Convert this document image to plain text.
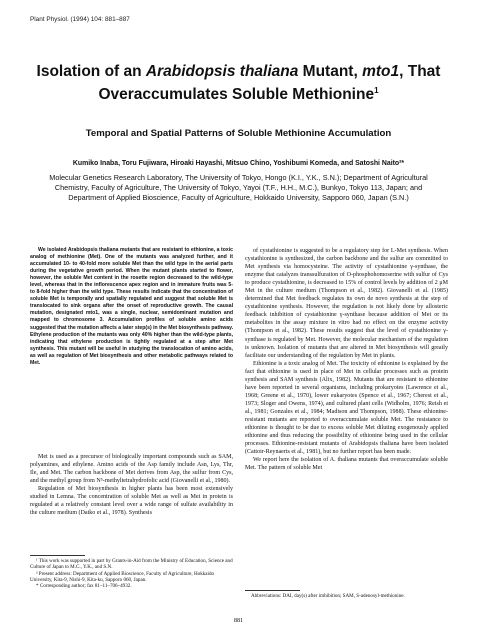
Plant Physiol. (1994) 104: 881–887
Isolation of an Arabidopsis thaliana Mutant, mto1, That Overaccumulates Soluble Methionine$^1$
Temporal and Spatial Patterns of Soluble Methionine Accumulation

Kumiko Inaba, Toru Fujiwara, Hiroaki Hayashi, Mitsuo Chino, Yoshibumi Komeda, and Satoshi Naito²*

Molecular Genetics Research Laboratory, The University of Tokyo, Hongo (K.I., Y.K., S.N.); Department of Agricultural Chemistry, Faculty of Agriculture, The University of Tokyo, Yayoi (T.F., H.H., M.C.), Bunkyo, Tokyo 113, Japan; and Department of Applied Bioscience, Faculty of Agriculture, Hokkaido University, Sapporo 060, Japan (S.N.)

We isolated Arabidopsis thaliana mutants that are resistant to ethionine, a toxic analog of methionine (Met). One of the mutants was analyzed further, and it accumulated 10- to 40-fold more soluble Met than the wild type in the aerial parts during the vegetative growth period. When the mutant plants started to flower, however, the soluble Met content in the rosette region decreased to the wild-type level, whereas that in the inflorescence apex region and in immature fruits was 5- to 8-fold higher than the wild type. These results indicate that the concentration of soluble Met is temporally and spatially regulated and suggest that soluble Met is translocated to sink organs after the onset of reproductive growth. The causal mutation, designated mto1, was a single, nuclear, semidominant mutation and mapped to chromosome 3. Accumulation profiles of soluble amino acids suggested that the mutation affects a later step(s) in the Met biosynthesis pathway. Ethylene production of the mutants was only 40% higher than the wild-type plants, indicating that ethylene production is tightly regulated at a step after Met synthesis. This mutant will be useful in studying the translocation of amino acids, as well as regulation of Met biosynthesis and other metabolic pathways related to Met.

Met is used as a precursor of biologically important compounds such as SAM, polyamines, and ethylene. Amino acids of the Asp family include Asn, Lys, Thr, Ile, and Met. The carbon backbone of Met derives from Asp, the sulfur from Cys, and the methyl group from N⁵-methyltetrahydrofolic acid (Giovanelli et al., 1980).

Regulation of Met biosynthesis in higher plants has been most extensively studied in Lemna. The concentration of soluble Met as well as Met in protein is regulated at a relatively constant level over a wide range of sulfate availability in the culture medium (Datko et al., 1978). Synthesis

¹ This work was supported in part by Grants-in-Aid from the Ministry of Education, Science and Culture of Japan to M.C., Y.K., and S.N.

² Present address: Department of Applied Bioscience, Faculty of Agriculture, Hokkaido University, Kita-9, Nishi-9, Kita-ku, Sapporo 060, Japan.

* Corresponding author; fax 81–11–706–4932.

of cystathionine is suggested to be a regulatory step for L-Met synthesis. When cystathionine is synthesized, the carbon backbone and the sulfur are committed to Met synthesis via homocysteine. The activity of cystathionine γ-synthase, the enzyme that catalyzes transsulfuration of O-phosphohomoserine with sulfur of Cys to produce cystathionine, is decreased to 15% of control levels by addition of 2 μM Met in the culture medium (Thompson et al., 1982). Giovanelli et al. (1985) determined that Met feedback regulates its own de novo synthesis at the step of cystathionine synthesis. However, the regulation is not likely done by allosteric feedback inhibition of cystathionine γ-synthase because addition of Met or its metabolites in the assay mixture in vitro had no effect on the enzyme activity (Thompson et al., 1982). These results suggest that the level of cystathionine γ-synthase is regulated by Met. However, the molecular mechanism of the regulation is unknown. Isolation of mutants that are altered in Met biosynthesis will greatly facilitate our understanding of the regulation by Met in plants.

Ethionine is a toxic analog of Met. The toxicity of ethionine is explained by the fact that ethionine is used in place of Met in cellular processes such as protein synthesis and SAM synthesis (Alix, 1982). Mutants that are resistant to ethionine have been reported in several organisms, including prokaryotes (Lawrence et al., 1968; Greene et al., 1970), lower eukaryotes (Spence et al., 1967; Cherest et al., 1973; Sloger and Owens, 1974), and cultured plant cells (Widholm, 1976; Reish et al., 1981; Gonzales et al., 1984; Madison and Thompson, 1988). These ethionine-resistant mutants are reported to overaccumulate soluble Met. The resistance to ethionine is thought to be due to excess soluble Met diluting exogenously applied ethionine and thus reducing the possibility of ethionine being used in the cellular processes. Ethionine-resistant mutants of Arabidopsis thaliana have been isolated (Cattoir-Reynaerts et al., 1981), but no further report has been made.

We report here the isolation of A. thaliana mutants that overaccumulate soluble Met. The pattern of soluble Met

Abbreviations: DAI, day(s) after imbibition; SAM, S-adenosyl-methionine.

881
